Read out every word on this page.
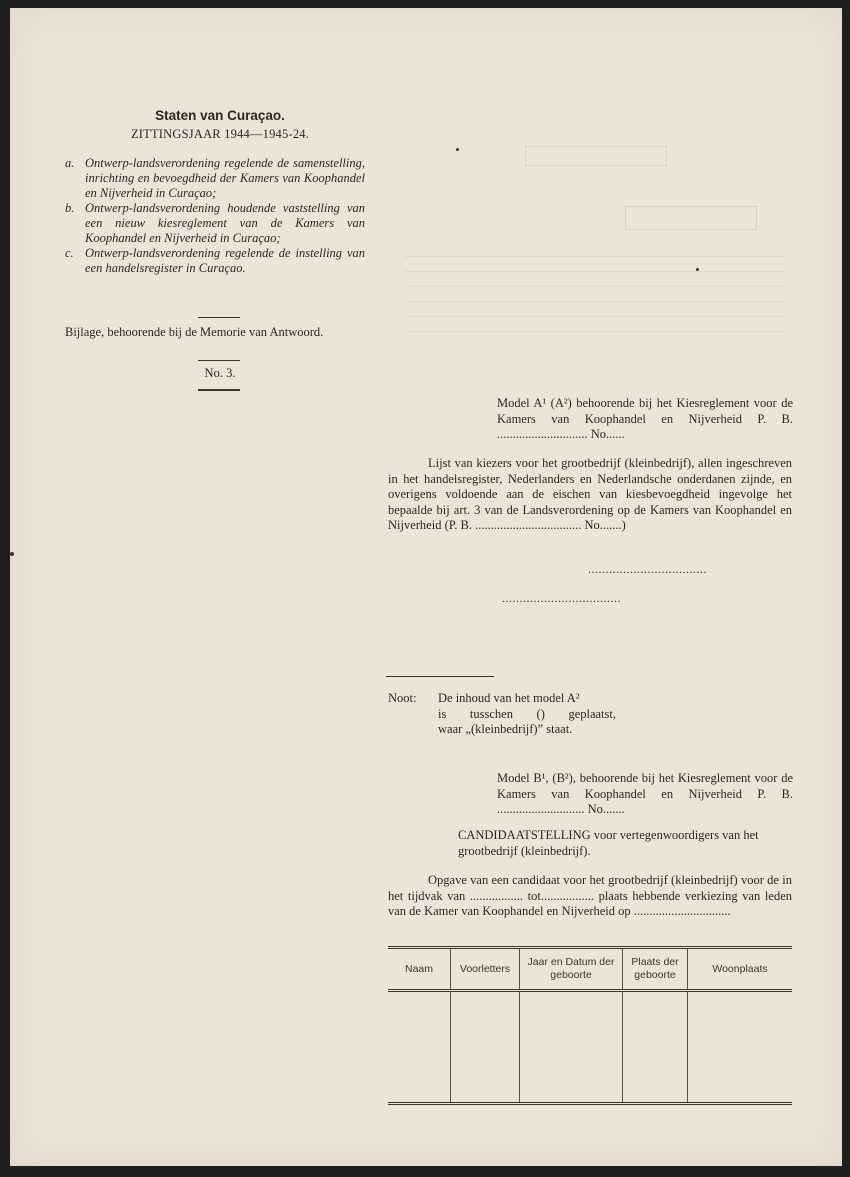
Staten van Curaçao.
ZITTINGSJAAR 1944—1945-24.
a. Ontwerp-landsverordening regelende de samenstelling, inrichting en bevoegdheid der Kamers van Koophandel en Nijverheid in Curaçao;
b. Ontwerp-landsverordening houdende vaststelling van een nieuw kiesreglement van de Kamers van Koophandel en Nijverheid in Curaçao;
c. Ontwerp-landsverordening regelende de instelling van een handelsregister in Curaçao.
Bijlage, behoorende bij de Memorie van Antwoord.
No. 3.
Model A¹ (A²) behoorende bij het Kiesreglement voor de Kamers van Koophandel en Nijverheid P. B. ............................. No......
Lijst van kiezers voor het grootbedrijf (kleinbedrijf), allen ingeschreven in het handelsregister, Nederlanders en Nederlandsche onderdanen zijnde, en overigens voldoende aan de eischen van kiesbevoegdheid ingevolge het bepaalde bij art. 3 van de Landsverordening op de Kamers van Koophandel en Nijverheid (P. B. .................................. No.......)
..................................
..................................
Noot:	De inhoud van het model A²
is tusschen () geplaatst,
waar „(kleinbedrijf)” staat.
Model B¹, (B²), behoorende bij het Kiesreglement voor de Kamers van Koophandel en Nijverheid P. B. ............................ No.......
CANDIDAATSTELLING voor vertegenwoordigers van het grootbedrijf (kleinbedrijf).
Opgave van een candidaat voor het grootbedrijf (kleinbedrijf) voor de in het tijdvak van ................. tot................. plaats hebbende verkiezing van leden van de Kamer van Koophandel en Nijverheid op ...............................
Naam	Voorletters	Jaar en Datum der geboorte	Plaats der geboorte	Woonplaats
